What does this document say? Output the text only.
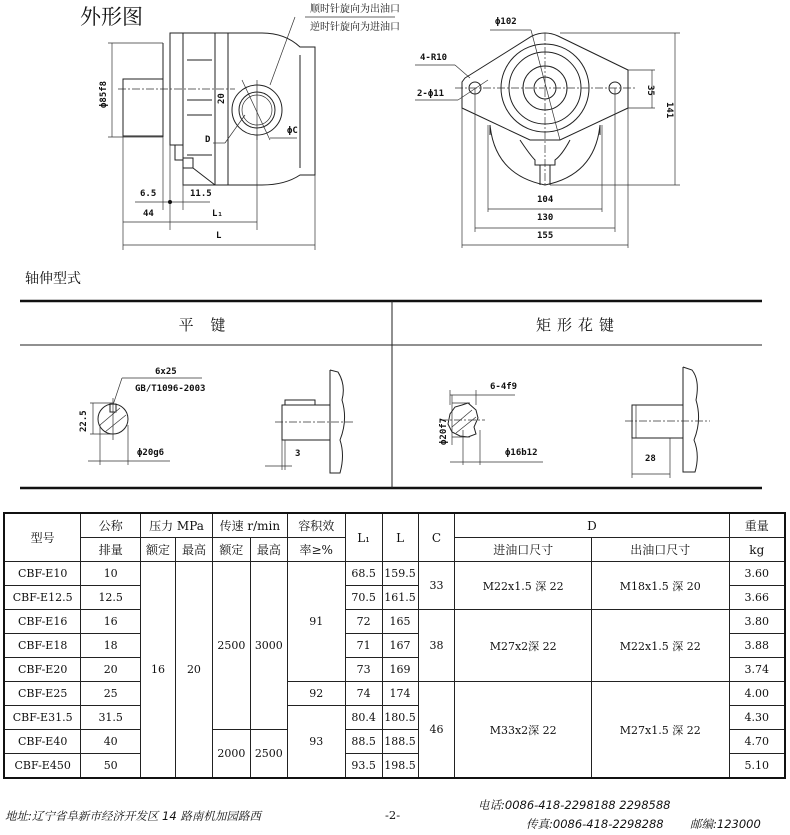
外形图	顺时针旋向为出油口
逆时针旋向为进油口
ϕC
D
20
ϕ85f8
6.5	11.5
44	L₁
L
ϕ102
4-R10
2-ϕ11	35
141
104
130
155
轴伸型式
平 键	矩形花键
22.5
6x25
GB/T1096-2003
ϕ20g6	3
6-4f9
ϕ20f7
ϕ16b12
28
型号	公称	压力 MPa		传速 r/min		容积效	L₁	L	C	D		重量
	排量	额定	最高	额定	最高	率≥%				进油口尺寸	出油口尺寸	kg
CBF-E10	10	16	20	2500	3000	91	68.5	159.5	33	M22x1.5 深 22	M18x1.5 深 20	3.60
CBF-E12.5	12.5						70.5	161.5				3.66
CBF-E16	16						72	165	38	M27x2深 22	M22x1.5 深 22	3.80
CBF-E18	18						71	167				3.88
CBF-E20	20						73	169				3.74
CBF-E25	25					92	74	174	46	M33x2深 22	M27x1.5 深 22	4.00
CBF-E31.5	31.5					93	80.4	180.5				4.30
CBF-E40	40			2000	2500		88.5	188.5				4.70
CBF-E450	50						93.5	198.5				5.10
地址:辽宁省阜新市经济开发区 14 路南机加园路西	-2-
电话:0086-418-2298188 2298588
传真:0086-418-2298288 邮编:123000
